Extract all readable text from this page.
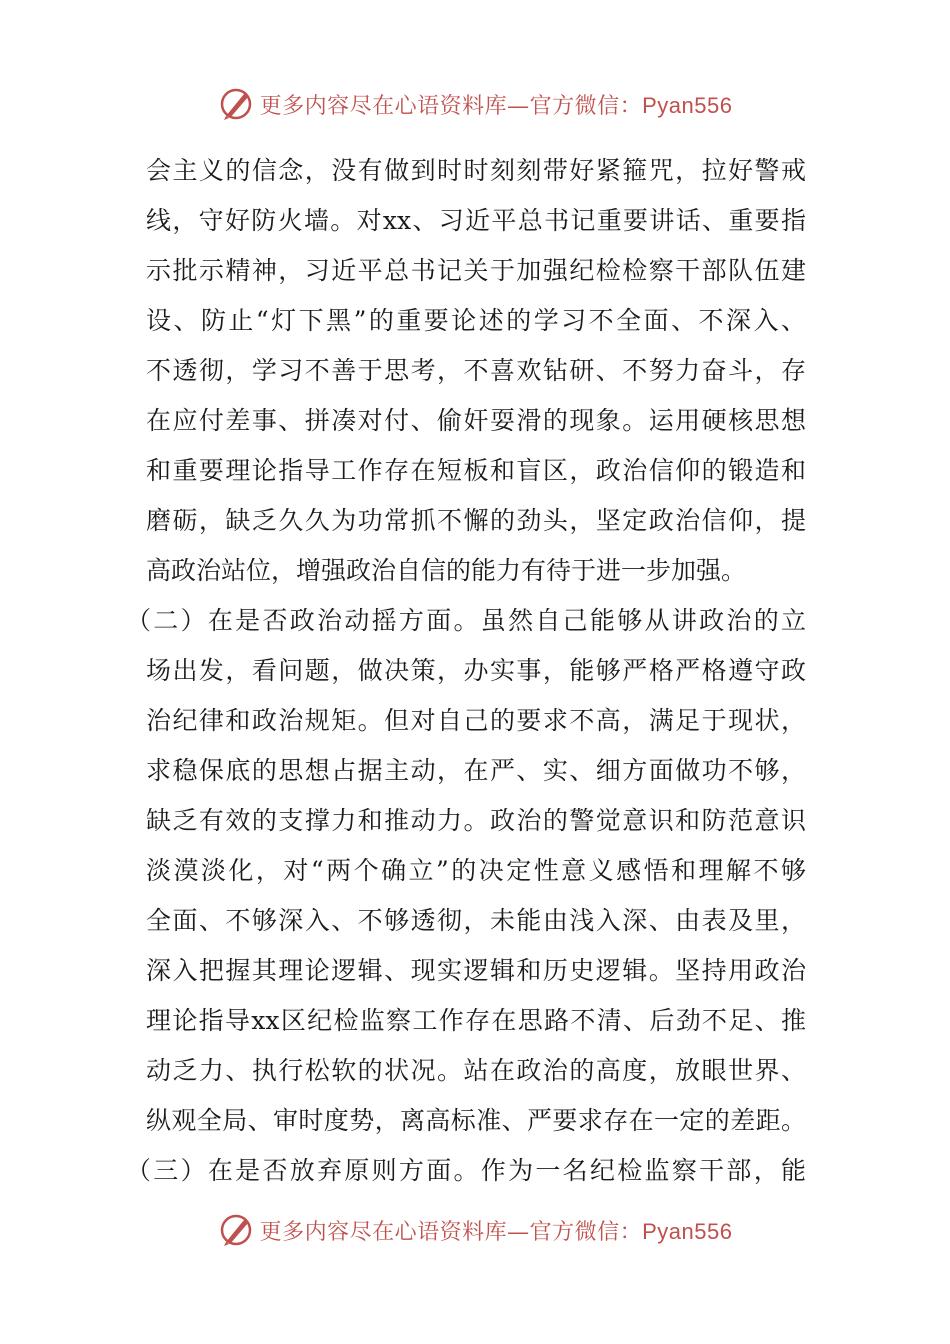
更多内容尽在心语资料库—官方微信：Pyan556
会主义的信念，没有做到时时刻刻带好紧箍咒，拉好警戒
线，守好防火墙。对xx、习近平总书记重要讲话、重要指
示批示精神，习近平总书记关于加强纪检检察干部队伍建
设、防止“灯下黑”的重要论述的学习不全面、不深入、
不透彻，学习不善于思考，不喜欢钻研、不努力奋斗，存
在应付差事、拼凑对付、偷奸耍滑的现象。运用硬核思想
和重要理论指导工作存在短板和盲区，政治信仰的锻造和
磨砺，缺乏久久为功常抓不懈的劲头，坚定政治信仰，提
高政治站位，增强政治自信的能力有待于进一步加强。
（二）在是否政治动摇方面。虽然自己能够从讲政治的立
场出发，看问题，做决策，办实事，能够严格严格遵守政
治纪律和政治规矩。但对自己的要求不高，满足于现状，
求稳保底的思想占据主动，在严、实、细方面做功不够，
缺乏有效的支撑力和推动力。政治的警觉意识和防范意识
淡漠淡化，对“两个确立”的决定性意义感悟和理解不够
全面、不够深入、不够透彻，未能由浅入深、由表及里，
深入把握其理论逻辑、现实逻辑和历史逻辑。坚持用政治
理论指导xx区纪检监察工作存在思路不清、后劲不足、推
动乏力、执行松软的状况。站在政治的高度，放眼世界、
纵观全局、审时度势，离高标准、严要求存在一定的差距。
（三）在是否放弃原则方面。作为一名纪检监察干部，能
更多内容尽在心语资料库—官方微信：Pyan556
